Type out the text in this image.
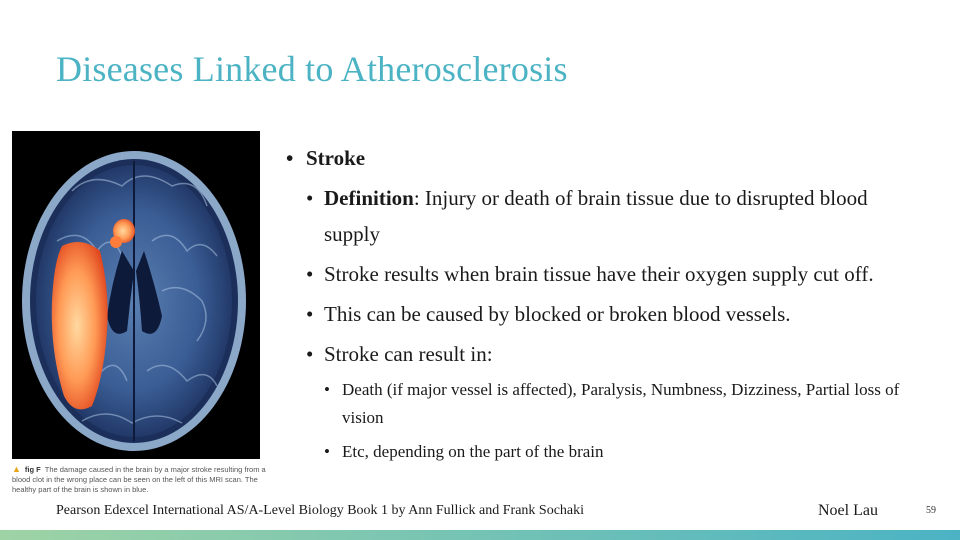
Diseases Linked to Atherosclerosis
▲ fig F The damage caused in the brain by a major stroke resulting from a blood clot in the wrong place can be seen on the left of this MRI scan. The healthy part of the brain is shown in blue.
• Stroke
• Definition: Injury or death of brain tissue due to disrupted blood supply
• Stroke results when brain tissue have their oxygen supply cut off.
• This can be caused by blocked or broken blood vessels.
• Stroke can result in:
• Death (if major vessel is affected), Paralysis, Numbness, Dizziness, Partial loss of vision
• Etc, depending on the part of the brain
Pearson Edexcel International AS/A-Level Biology Book 1 by Ann Fullick and Frank Sochaki	Noel Lau	59
